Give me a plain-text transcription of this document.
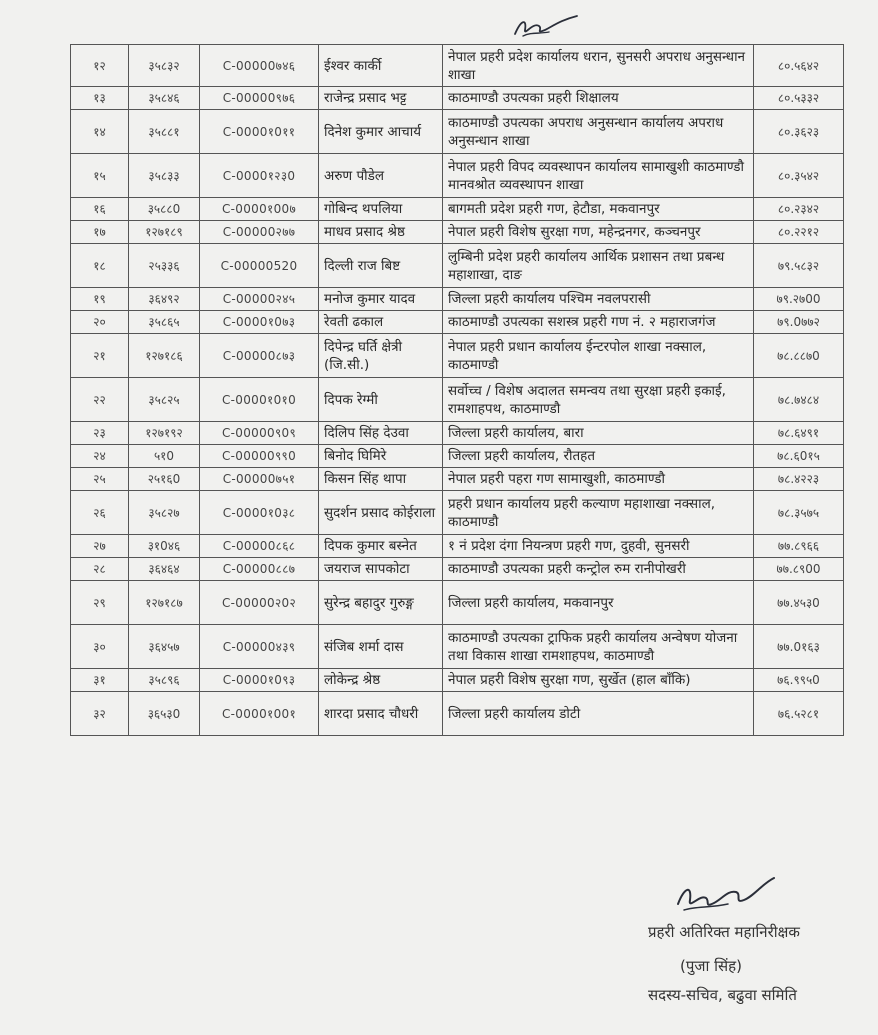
१२	३५८३२	C-00000७४६	ईश्वर कार्की	नेपाल प्रहरी प्रदेश कार्यालय धरान, सुनसरी अपराध अनुसन्धान शाखा	८०.५६४२
१३	३५८४६	C-00000९७६	राजेन्द्र प्रसाद भट्ट	काठमाण्डौ उपत्यका प्रहरी शिक्षालय	८०.५३३२
१४	३५८८१	C-0000१0११	दिनेश कुमार आचार्य	काठमाण्डौ उपत्यका अपराध अनुसन्धान कार्यालय अपराध अनुसन्धान शाखा	८०.३६२३
१५	३५८३३	C-0000१२३0	अरुण पौडेल	नेपाल प्रहरी विपद व्यवस्थापन कार्यालय सामाखुशी काठमाण्डौ मानवश्रोत व्यवस्थापन शाखा	८०.३५४२
१६	३५८८0	C-0000१00७	गोबिन्द थपलिया	बागमती प्रदेश प्रहरी गण, हेटौडा, मकवानपुर	८०.२३४२
१७	१२७१८९	C-00000२७७	माधव प्रसाद श्रेष्ठ	नेपाल प्रहरी विशेष सुरक्षा गण, महेन्द्रनगर, कञ्चनपुर	८०.२२१२
१८	२५३३६	C-00000520	दिल्ली राज बिष्ट	लुम्बिनी प्रदेश प्रहरी कार्यालय आर्थिक प्रशासन तथा प्रबन्ध महाशाखा, दाङ	७९.५८३२
१९	३६४९२	C-00000२४५	मनोज कुमार यादव	जिल्ला प्रहरी कार्यालय पश्चिम नवलपरासी	७९.२७00
२०	३५८६५	C-0000१0७३	रेवती ढकाल	काठमाण्डौ उपत्यका सशस्त्र प्रहरी गण नं. २ महाराजगंज	७९.0७७२
२१	१२७१८६	C-00000८७३	दिपेन्द्र घर्ति क्षेत्री (जि.सी.)	नेपाल प्रहरी प्रधान कार्यालय ईन्टरपोल शाखा नक्साल, काठमाण्डौ	७८.८८७0
२२	३५८२५	C-0000१0१0	दिपक रेग्मी	सर्वोच्च / विशेष अदालत समन्वय तथा सुरक्षा प्रहरी इकाई, रामशाहपथ, काठमाण्डौ	७८.७४८४
२३	१२७१९२	C-00000९0९	दिलिप सिंह देउवा	जिल्ला प्रहरी कार्यालय, बारा	७८.६४९१
२४	५१0	C-00000९९0	बिनोद घिमिरे	जिल्ला प्रहरी कार्यालय, रौतहत	७८.६0१५
२५	२५१६0	C-00000७५१	किसन सिंह थापा	नेपाल प्रहरी पहरा गण सामाखुशी, काठमाण्डौ	७८.४२२३
२६	३५८२७	C-0000१0३८	सुदर्शन प्रसाद कोईराला	प्रहरी प्रधान कार्यालय प्रहरी कल्याण महाशाखा नक्साल, काठमाण्डौ	७८.३५७५
२७	३१0४६	C-00000८६८	दिपक कुमार बस्नेत	१ नं प्रदेश दंगा नियन्त्रण प्रहरी गण, दुहवी, सुनसरी	७७.८९६६
२८	३६४६४	C-00000८८७	जयराज सापकोटा	काठमाण्डौ उपत्यका प्रहरी कन्ट्रोल रुम रानीपोखरी	७७.८९00
२९	१२७१८७	C-00000२0२	सुरेन्द्र बहादुर गुरुङ्ग	जिल्ला प्रहरी कार्यालय, मकवानपुर	७७.४५३0
३०	३६४५७	C-00000४३९	संजिब शर्मा दास	काठमाण्डौ उपत्यका ट्राफिक प्रहरी कार्यालय अन्वेषण योजना तथा विकास शाखा रामशाहपथ, काठमाण्डौ	७७.0१६३
३१	३५८९६	C-0000१0९३	लोकेन्द्र श्रेष्ठ	नेपाल प्रहरी विशेष सुरक्षा गण, सुर्खेत (हाल बाँकि)	७६.९९५0
३२	३६५३0	C-0000१00१	शारदा प्रसाद चौधरी	जिल्ला प्रहरी कार्यालय डोटी	७६.५२८१
प्रहरी अतिरिक्त महानिरीक्षक
(पुजा सिंह)
सदस्य-सचिव, बढुवा समिति
